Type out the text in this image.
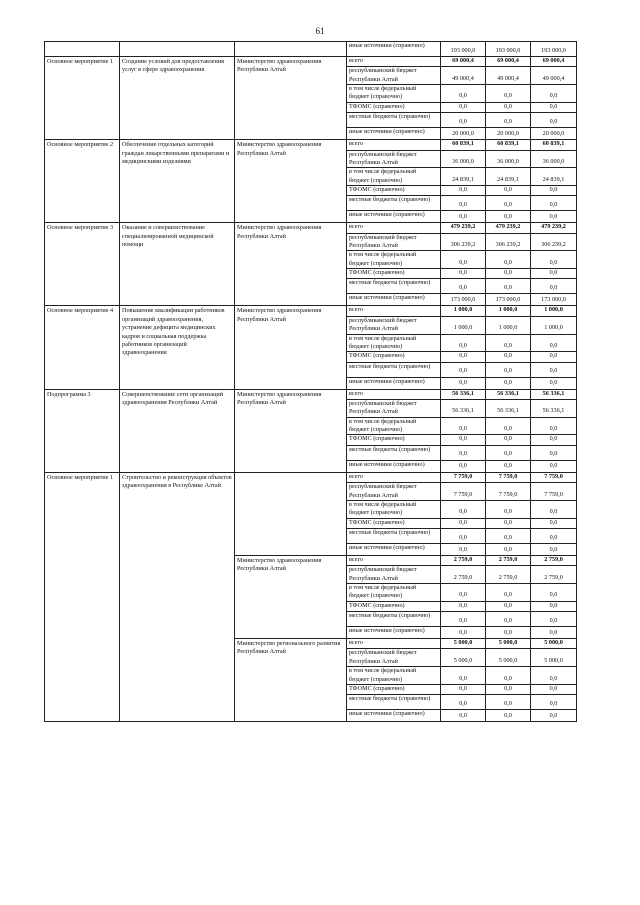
61
			иные источники (справочно)	193 000,0	193 000,0	193 000,0
Основное мероприятие 1	Создание условий для предоставления услуг в сфере здравоохранения	Министерство здравоохранения Республики Алтай	всего	69 000,4	69 000,4	69 000,4
			республиканский бюджет Республики Алтай	49 000,4	49 000,4	49 000,4
			в том числе федеральный бюджет (справочно)	0,0	0,0	0,0
			ТФОМС (справочно)	0,0	0,0	0,0
			местные бюджеты (справочно)	0,0	0,0	0,0
			иные источники (справочно)	20 000,0	20 000,0	20 000,0
Основное мероприятие 2	Обеспечение отдельных категорий граждан лекарственными препаратами и медицинскими изделиями	Министерство здравоохранения Республики Алтай	всего	60 839,1	60 839,1	60 839,1
			республиканский бюджет Республики Алтай	36 000,0	36 000,0	36 000,0
			в том числе федеральный бюджет (справочно)	24 839,1	24 839,1	24 839,1
			ТФОМС (справочно)	0,0	0,0	0,0
			местные бюджеты (справочно)	0,0	0,0	0,0
			иные источники (справочно)	0,0	0,0	0,0
Основное мероприятие 3	Оказание и совершенствование специализированной медицинской помощи	Министерство здравоохранения Республики Алтай	всего	479 239,2	479 239,2	479 239,2
			республиканский бюджет Республики Алтай	306 239,2	306 239,2	306 239,2
			в том числе федеральный бюджет (справочно)	0,0	0,0	0,0
			ТФОМС (справочно)	0,0	0,0	0,0
			местные бюджеты (справочно)	0,0	0,0	0,0
			иные источники (справочно)	173 000,0	173 000,0	173 000,0
Основное мероприятие 4	Повышение квалификации работников организаций здравоохранения, устранение дефицита медицинских кадров и социальная поддержка работников организаций здравоохранения	Министерство здравоохранения Республики Алтай	всего	1 000,0	1 000,0	1 000,0
			республиканский бюджет Республики Алтай	1 000,0	1 000,0	1 000,0
			в том числе федеральный бюджет (справочно)	0,0	0,0	0,0
			ТФОМС (справочно)	0,0	0,0	0,0
			местные бюджеты (справочно)	0,0	0,0	0,0
			иные источники (справочно)	0,0	0,0	0,0
Подпрограмма 3	Совершенствование сети организаций здравоохранения Республики Алтай	Министерство здравоохранения Республики Алтай	всего	56 336,1	56 336,1	56 336,1
			республиканский бюджет Республики Алтай	56 336,1	56 336,1	56 336,1
			в том числе федеральный бюджет (справочно)	0,0	0,0	0,0
			ТФОМС (справочно)	0,0	0,0	0,0
			местные бюджеты (справочно)	0,0	0,0	0,0
			иные источники (справочно)	0,0	0,0	0,0
Основное мероприятие 1	Строительство и реконструкция объектов здравоохранения в Республике Алтай		всего	7 759,0	7 759,0	7 759,0
			республиканский бюджет Республики Алтай	7 759,0	7 759,0	7 759,0
			в том числе федеральный бюджет (справочно)	0,0	0,0	0,0
			ТФОМС (справочно)	0,0	0,0	0,0
			местные бюджеты (справочно)	0,0	0,0	0,0
			иные источники (справочно)	0,0	0,0	0,0
		Министерство здравоохранения Республики Алтай	всего	2 759,0	2 759,0	2 759,0
			республиканский бюджет Республики Алтай	2 759,0	2 759,0	2 759,0
			в том числе федеральный бюджет (справочно)	0,0	0,0	0,0
			ТФОМС (справочно)	0,0	0,0	0,0
			местные бюджеты (справочно)	0,0	0,0	0,0
			иные источники (справочно)	0,0	0,0	0,0
		Министерство регионального развития Республики Алтай	всего	5 000,0	5 000,0	5 000,0
			республиканский бюджет Республики Алтай	5 000,0	5 000,0	5 000,0
			в том числе федеральный бюджет (справочно)	0,0	0,0	0,0
			ТФОМС (справочно)	0,0	0,0	0,0
			местные бюджеты (справочно)	0,0	0,0	0,0
			иные источники (справочно)	0,0	0,0	0,0
